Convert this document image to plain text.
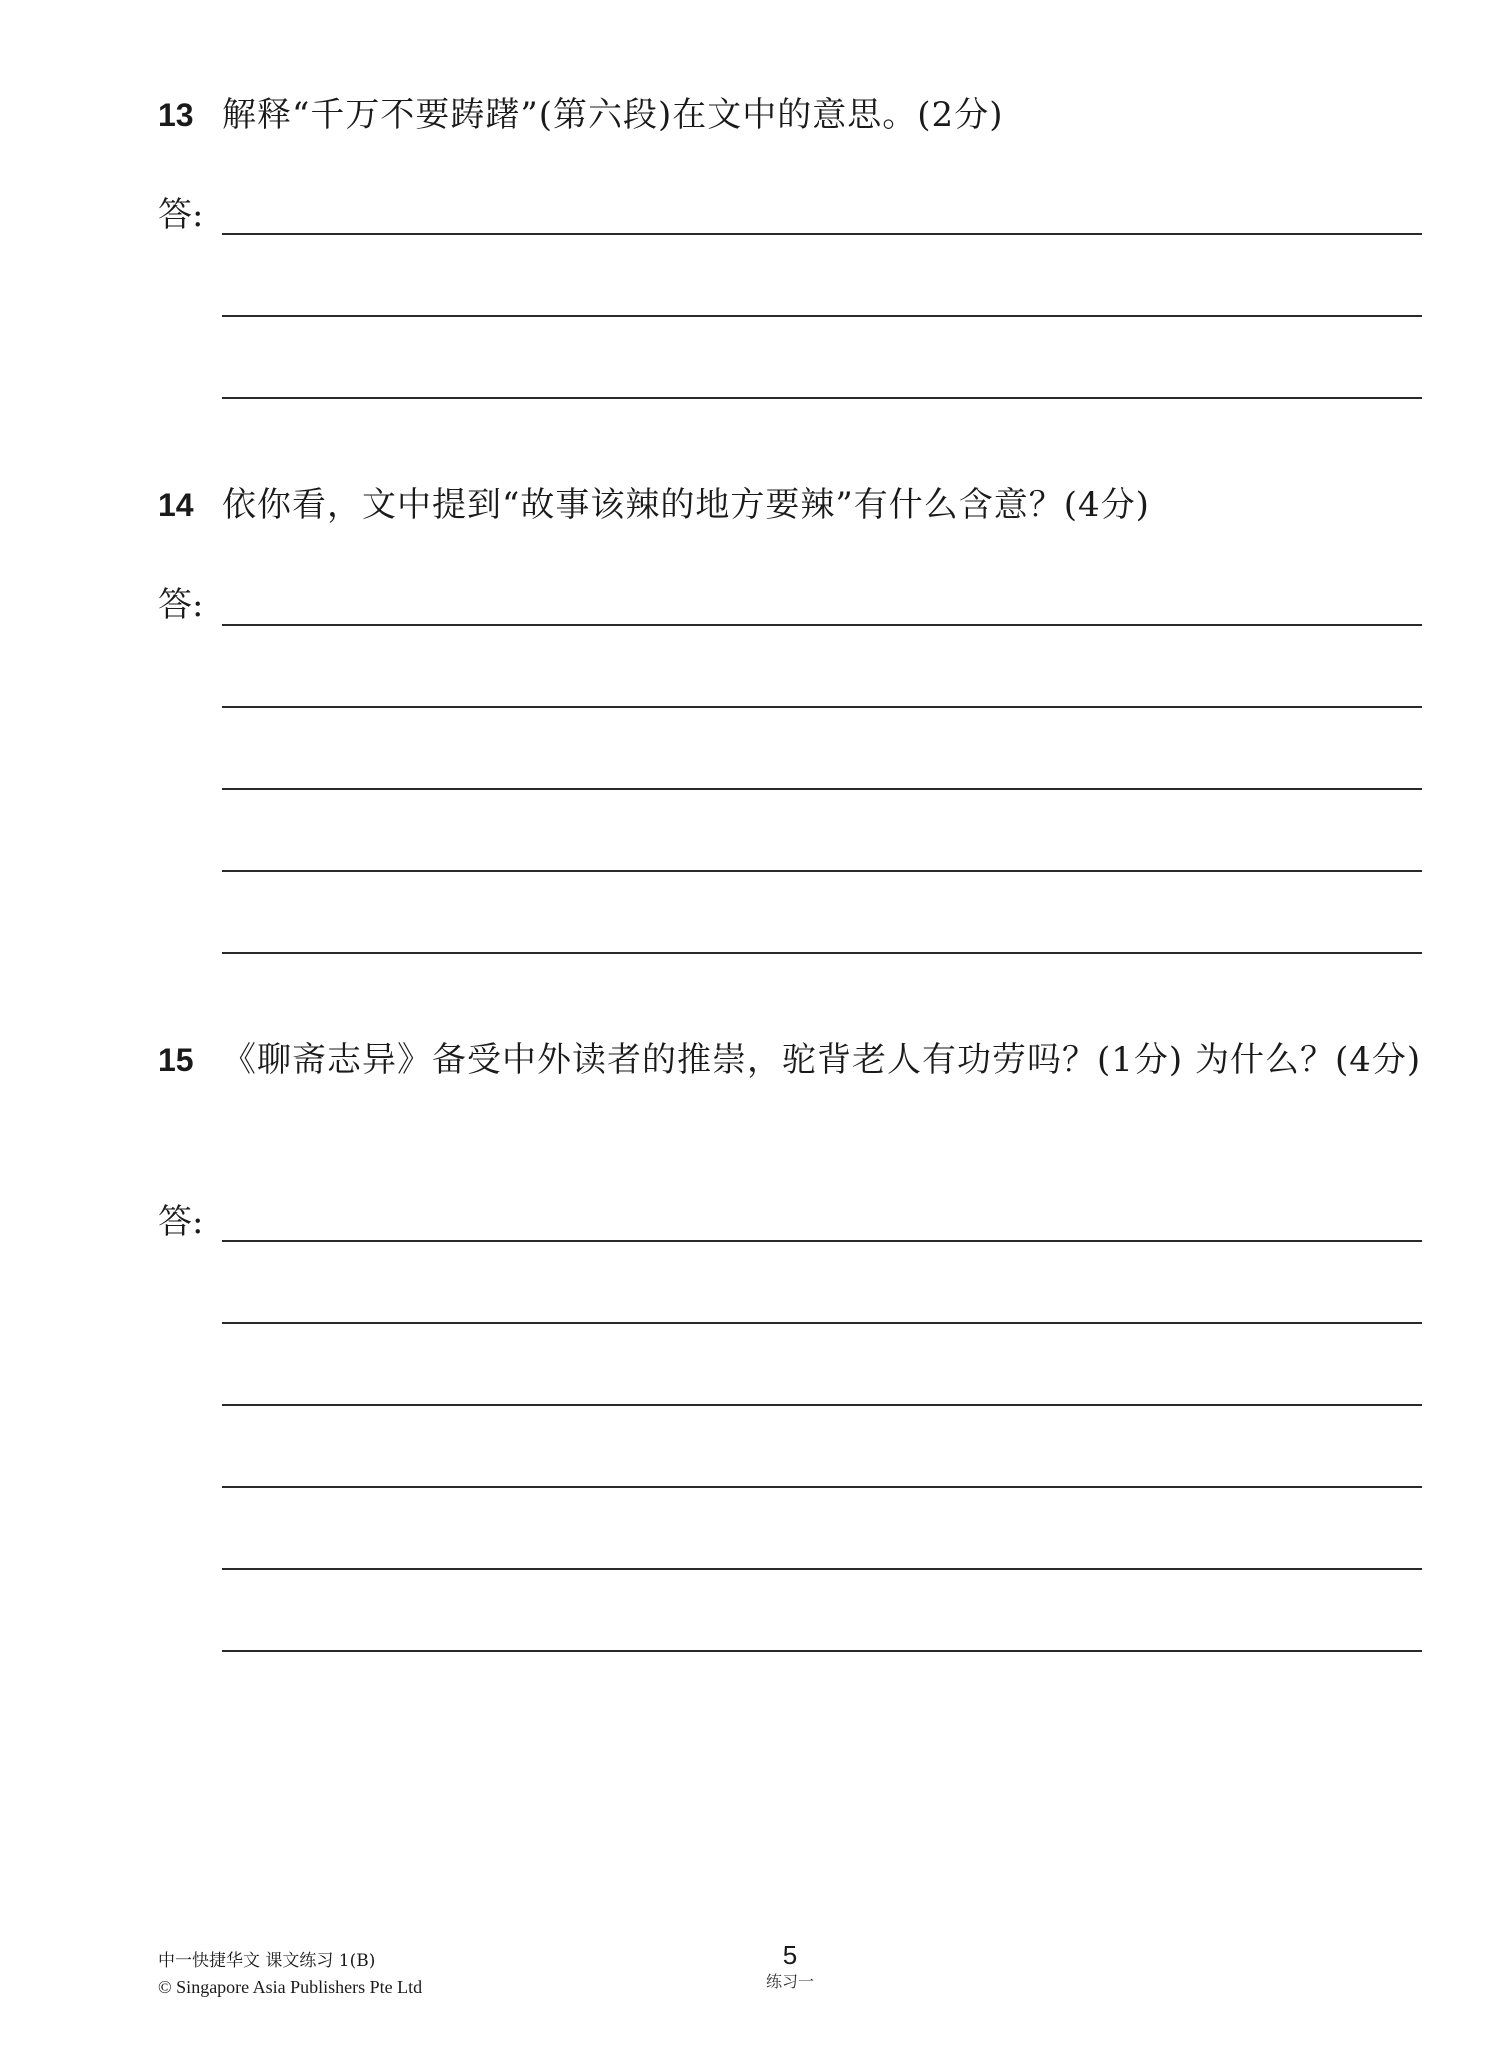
13 解释“千万不要踌躇”(第六段)在文中的意思。(2分)
答:
14 依你看，文中提到“故事该辣的地方要辣”有什么含意？(4分)
答:
15 《聊斋志异》备受中外读者的推崇，驼背老人有功劳吗？(1分) 为什么？(4分)
答:
中一快捷华文 课文练习 1(B)
© Singapore Asia Publishers Pte Ltd
5
练习一
